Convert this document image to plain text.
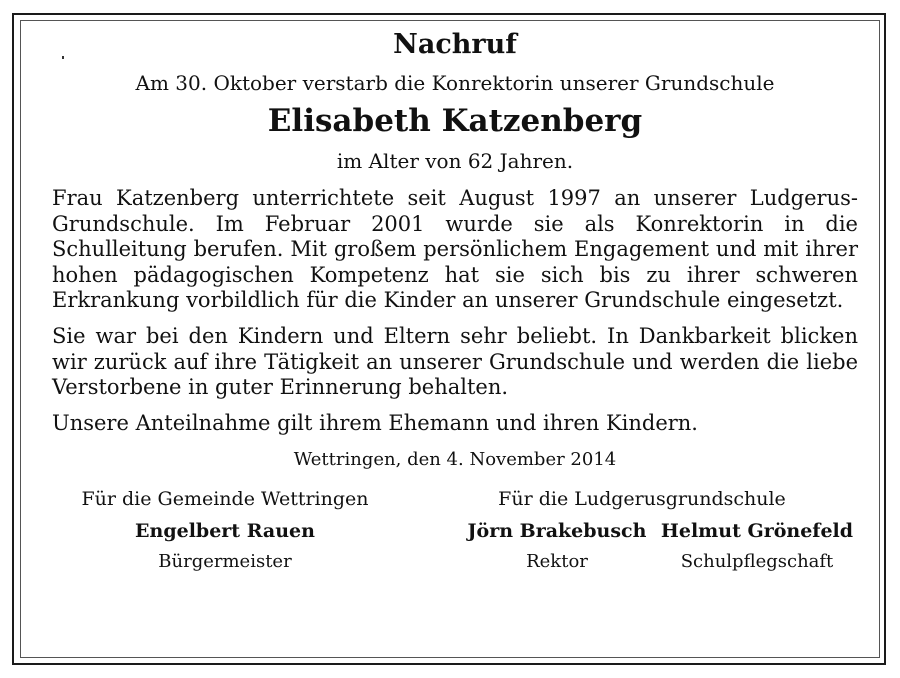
Nachruf
Am 30. Oktober verstarb die Konrektorin unserer Grundschule
Elisabeth Katzenberg
im Alter von 62 Jahren.

Frau Katzenberg unterrichtete seit August 1997 an unserer Ludgerus-Grundschule. Im Februar 2001 wurde sie als Konrektorin in die Schulleitung berufen. Mit großem persönlichem Engagement und mit ihrer hohen pädagogischen Kompetenz hat sie sich bis zu ihrer schweren Erkrankung vorbildlich für die Kinder an unserer Grundschule eingesetzt.

Sie war bei den Kindern und Eltern sehr beliebt. In Dankbarkeit blicken wir zurück auf ihre Tätigkeit an unserer Grundschule und werden die liebe Verstorbene in guter Erinnerung behalten.

Unsere Anteilnahme gilt ihrem Ehemann und ihren Kindern.

Wettringen, den 4. November 2014
Für die Gemeinde Wettringen
Engelbert Rauen
Bürgermeister
Für die Ludgerusgrundschule
Jörn Brakebusch
Rektor
Helmut Grönefeld
Schulpflegschaft
